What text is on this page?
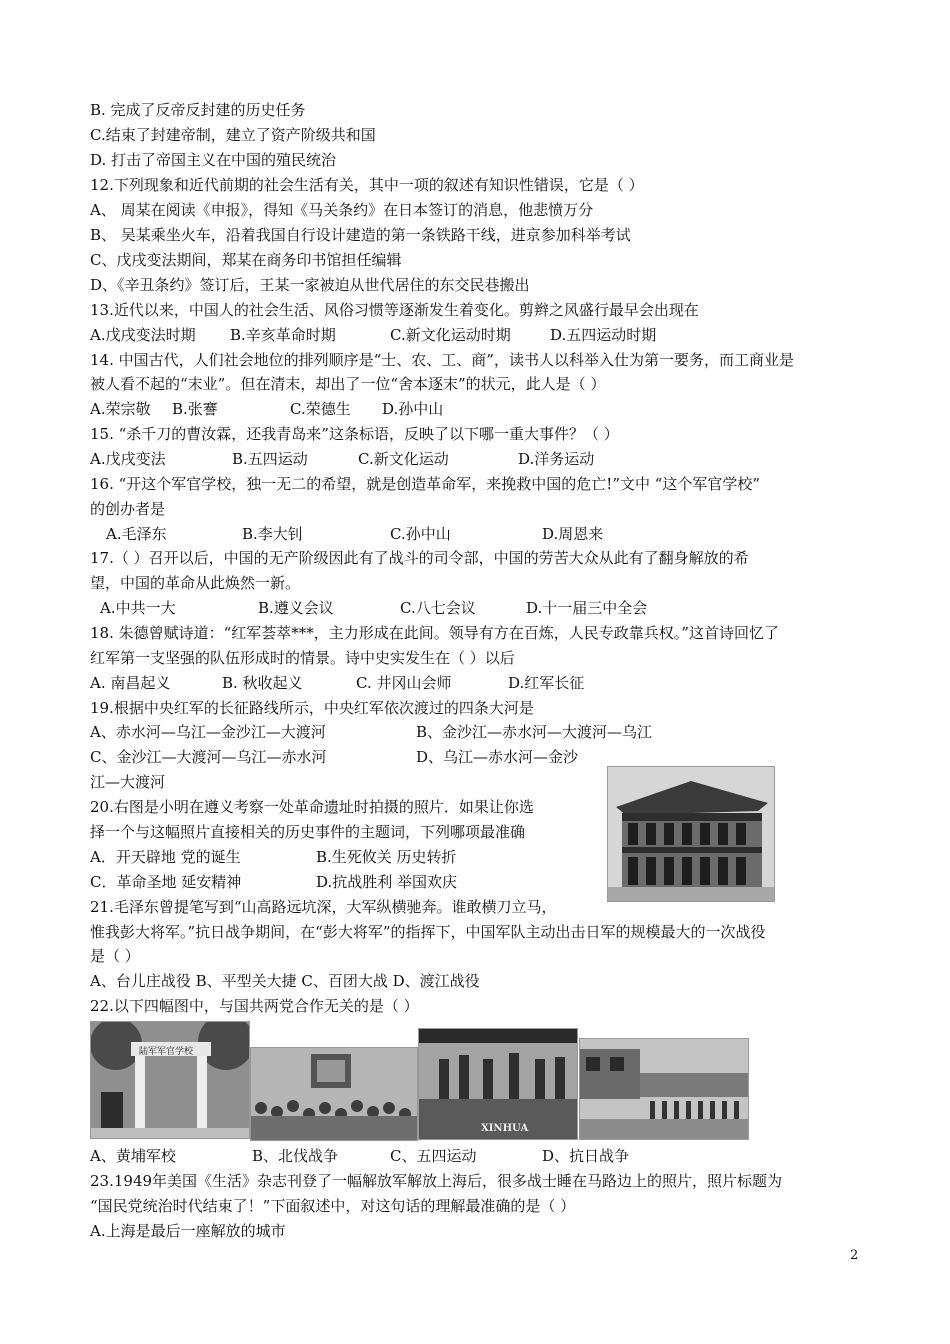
B. 完成了反帝反封建的历史任务
C.结束了封建帝制，建立了资产阶级共和国
D. 打击了帝国主义在中国的殖民统治
12.下列现象和近代前期的社会生活有关，其中一项的叙述有知识性错误，它是（ ）
A、 周某在阅读《申报》，得知《马关条约》在日本签订的消息，他悲愤万分
B、 吴某乘坐火车，沿着我国自行设计建造的第一条铁路干线，进京参加科举考试
C、戊戌变法期间，郑某在商务印书馆担任编辑
D、《辛丑条约》签订后，王某一家被迫从世代居住的东交民巷搬出
13.近代以来，中国人的社会生活、风俗习惯等逐渐发生着变化。剪辫之风盛行最早会出现在
A.戊戌变法时期 B.辛亥革命时期	C.新文化运动时期	D.五四运动时期
14. 中国古代，人们社会地位的排列顺序是“士、农、工、商”，读书人以科举入仕为第一要务，而工商业是
被人看不起的“末业”。但在清末，却出了一位“舍本逐末”的状元，此人是（ ）
A.荣宗敬 B.张謇	C.荣德生 D.孙中山
15. “杀千刀的曹汝霖，还我青岛来”这条标语，反映了以下哪一重大事件？（ ）
A.戊戌变法	B.五四运动	C.新文化运动	D.洋务运动
16. “开这个军官学校，独一无二的希望，就是创造革命军，来挽救中国的危亡!”文中 “这个军官学校”
的创办者是
A.毛泽东	B.李大钊	C.孙中山	D.周恩来
17.（ ）召开以后，中国的无产阶级因此有了战斗的司令部，中国的劳苦大众从此有了翻身解放的希
望，中国的革命从此焕然一新。
A.中共一大	B.遵义会议	C.八七会议	D.十一届三中全会
18. 朱德曾赋诗道：“红军荟萃***，主力形成在此间。领导有方在百炼，人民专政靠兵权。”这首诗回忆了
红军第一支坚强的队伍形成时的情景。诗中史实发生在（ ）以后
A. 南昌起义	B. 秋收起义	C. 井冈山会师	D.红军长征
19.根据中央红军的长征路线所示，中央红军依次渡过的四条大河是
A、赤水河—乌江—金沙江—大渡河	B、金沙江—赤水河—大渡河—乌江
C、金沙江—大渡河—乌江—赤水河	D、乌江—赤水河—金沙
江—大渡河
20.右图是小明在遵义考察一处革命遗址时拍摄的照片．如果让你选
择一个与这幅照片直接相关的历史事件的主题词，下列哪项最准确
A．开天辟地 党的诞生	B.生死攸关 历史转折
C．革命圣地 延安精神	D.抗战胜利 举国欢庆
21.毛泽东曾提笔写到“山高路远坑深，大军纵横驰奔。谁敢横刀立马，
惟我彭大将军。”抗日战争期间，在“彭大将军”的指挥下，中国军队主动出击日军的规模最大的一次战役
是（ ）
A、台儿庄战役 B、平型关大捷 C、百团大战 D、渡江战役
22.以下四幅图中，与国共两党合作无关的是（ ）
陆军军官学校
XINHUA
A、黄埔军校	B、北伐战争	C、五四运动	D、抗日战争
23.1949年美国《生活》杂志刊登了一幅解放军解放上海后，很多战士睡在马路边上的照片，照片标题为
“国民党统治时代结束了！”下面叙述中，对这句话的理解最准确的是（ ）
A.上海是最后一座解放的城市
2
